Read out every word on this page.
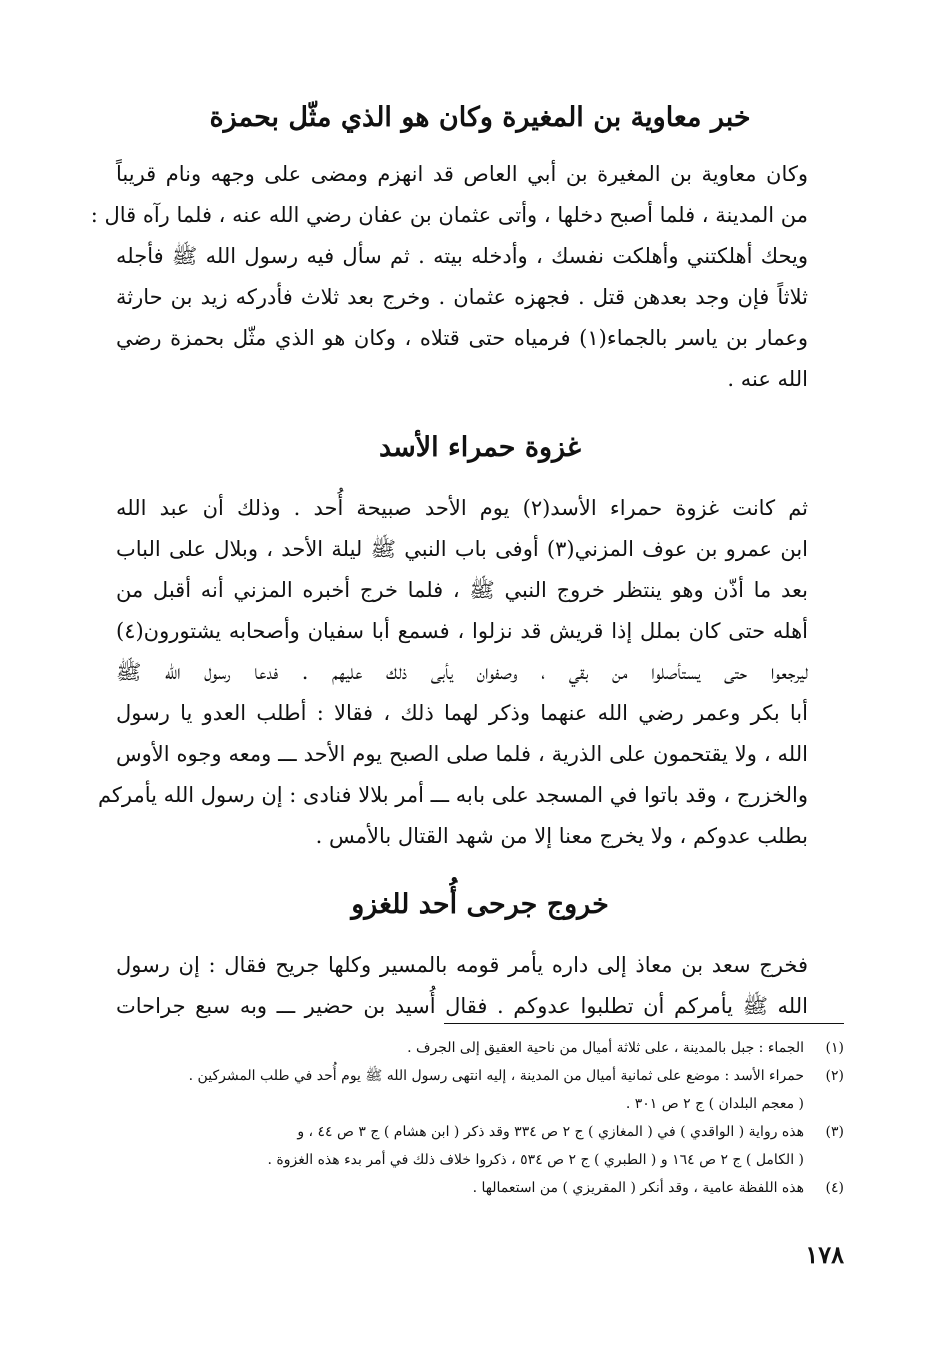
خبر معاوية بن المغيرة وكان هو الذي مثّل بحمزة

وكان معاوية بن المغيرة بن أبي العاص قد انهزم ومضى على وجهه ونام قريباً
من المدينة ، فلما أصبح دخلها ، وأتى عثمان بن عفان رضي الله عنه ، فلما رآه قال :
ويحك أهلكتني وأهلكت نفسك ، وأدخله بيته . ثم سأل فيه رسول الله ﷺ فأجله
ثلاثاً فإن وجد بعدهن قتل . فجهزه عثمان . وخرج بعد ثلاث فأدركه زيد بن حارثة
وعمار بن ياسر بالجماء(١) فرمياه حتى قتلاه ، وكان هو الذي مثّل بحمزة رضي
الله عنه .

غزوة حمراء الأسد

ثم كانت غزوة حمراء الأسد(٢) يوم الأحد صبيحة أُحد . وذلك أن عبد الله
ابن عمرو بن عوف المزني(٣) أوفى باب النبي ﷺ ليلة الأحد ، وبلال على الباب
بعد ما أذّن وهو ينتظر خروج النبي ﷺ ، فلما خرج أخبره المزني أنه أقبل من
أهله حتى كان بملل إذا قريش قد نزلوا ، فسمع أبا سفيان وأصحابه يشتورون(٤)
ليرجعوا حتى يستأصلوا من بقي ، وصفوان يأبى ذلك عليهم . فدعا رسول الله ﷺ
أبا بكر وعمر رضي الله عنهما وذكر لهما ذلك ، فقالا : أطلب العدو يا رسول
الله ، ولا يقتحمون على الذرية ، فلما صلى الصبح يوم الأحد ـــ ومعه وجوه الأوس
والخزرج ، وقد باتوا في المسجد على بابه ـــ أمر بلالا فنادى : إن رسول الله يأمركم
بطلب عدوكم ، ولا يخرج معنا إلا من شهد القتال بالأمس .

خروج جرحى أُحد للغزو

فخرج سعد بن معاذ إلى داره يأمر قومه بالمسير وكلها جريح فقال : إن رسول
الله ﷺ يأمركم أن تطلبوا عدوكم . فقال أُسيد بن حضير ـــ وبه سبع جراحات

(١)
الجماء : جبل بالمدينة ، على ثلاثة أميال من ناحية العقيق إلى الجرف .
(٢)
حمراء الأسد : موضع على ثمانية أميال من المدينة ، إليه انتهى رسول الله ﷺ يوم أُحد في طلب المشركين .
( معجم البلدان ) ج ٢ ص ٣٠١ .
(٣)
هذه رواية ( الواقدي ) في ( المغازي ) ج ٢ ص ٣٣٤ وقد ذكر ( ابن هشام ) ج ٣ ص ٤٤ ، و
( الكامل ) ج ٢ ص ١٦٤ و ( الطبري ) ج ٢ ص ٥٣٤ ، ذكروا خلاف ذلك في أمر بدء هذه الغزوة .
(٤)
هذه اللفظة عامية ، وقد أنكر ( المقريزي ) من استعمالها .
١٧٨
